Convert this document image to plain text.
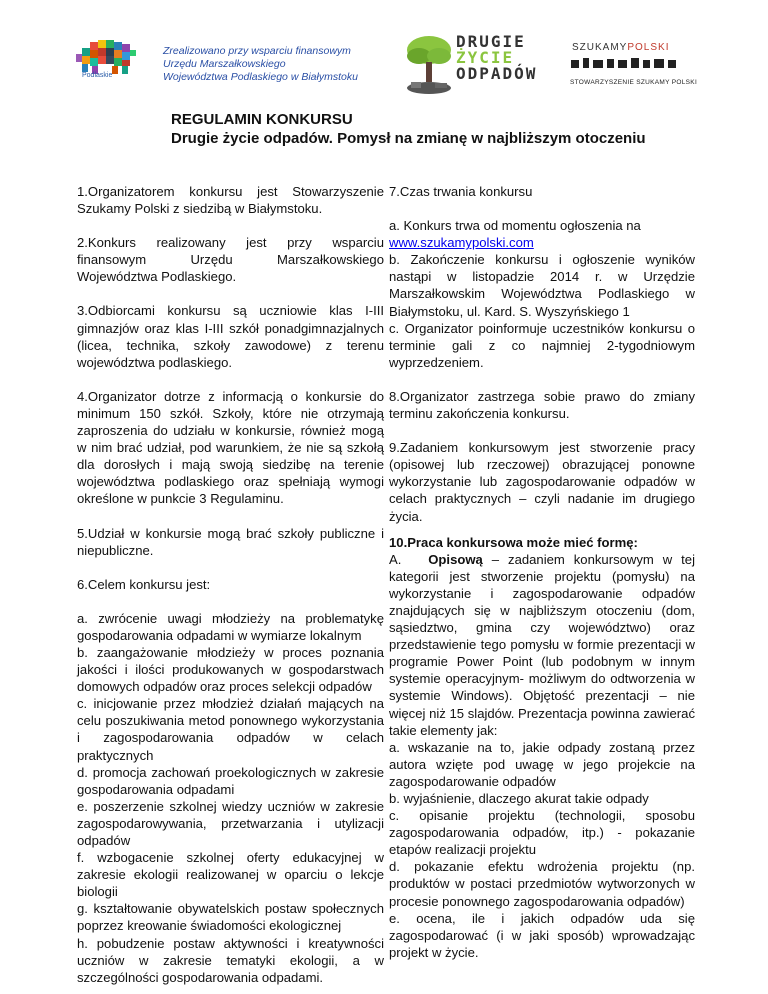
Podlaskie
Zrealizowano przy wsparciu finansowym
Urzędu Marszałkowskiego
Województwa Podlaskiego w Białymstoku
DRUGIE
ŻYCIE
ODPADÓW
SZUKAMYPOLSKI
STOWARZYSZENIE SZUKAMY POLSKI
REGULAMIN KONKURSU
Drugie życie odpadów. Pomysł na zmianę w najbliższym otoczeniu

1.Organizatorem konkursu jest Stowarzyszenie Szukamy Polski z siedzibą w Białymstoku.

2.Konkurs realizowany jest przy wsparciu finansowym Urzędu Marszałkowskiego Województwa Podlaskiego.

3.Odbiorcami konkursu są uczniowie klas I-III gimnazjów oraz klas I-III szkół ponadgimnazjalnych (licea, technika, szkoły zawodowe) z terenu województwa podlaskiego.

4.Organizator dotrze z informacją o konkursie do minimum 150 szkół. Szkoły, które nie otrzymają zaproszenia do udziału w konkursie, również mogą w nim brać udział, pod warunkiem, że nie są szkołą dla dorosłych i mają swoją siedzibę na terenie województwa podlaskiego oraz spełniają wymogi określone w punkcie 3 Regulaminu.

5.Udział w konkursie mogą brać szkoły publiczne i niepubliczne.

6.Celem konkursu jest:

a. zwrócenie uwagi młodzieży na problematykę gospodarowania odpadami w wymiarze lokalnym

b. zaangażowanie młodzieży w proces poznania jakości i ilości produkowanych w gospodarstwach domowych odpadów oraz proces selekcji odpadów

c. inicjowanie przez młodzież działań mających na celu poszukiwania metod ponownego wykorzystania i zagospodarowania odpadów w celach praktycznych

d. promocja zachowań proekologicznych w zakresie gospodarowania odpadami

e. poszerzenie szkolnej wiedzy uczniów w zakresie zagospodarowywania, przetwarzania i utylizacji odpadów

f. wzbogacenie szkolnej oferty edukacyjnej w zakresie ekologii realizowanej w oparciu o lekcje biologii

g. kształtowanie obywatelskich postaw społecznych poprzez kreowanie świadomości ekologicznej

h. pobudzenie postaw aktywności i kreatywności uczniów w zakresie tematyki ekologii, a w szczególności gospodarowania odpadami.

7.Czas trwania konkursu

a. Konkurs trwa od momentu ogłoszenia na

www.szukamypolski.com

b. Zakończenie konkursu i ogłoszenie wyników nastąpi w listopadzie 2014 r. w Urzędzie Marszałkowskim Województwa Podlaskiego w Białymstoku, ul. Kard. S. Wyszyńskiego 1

c. Organizator poinformuje uczestników konkursu o terminie gali z co najmniej 2-tygodniowym wyprzedzeniem.

8.Organizator zastrzega sobie prawo do zmiany terminu zakończenia konkursu.

9.Zadaniem konkursowym jest stworzenie pracy (opisowej lub rzeczowej) obrazującej ponowne wykorzystanie lub zagospodarowanie odpadów w celach praktycznych – czyli nadanie im drugiego życia.

10.Praca konkursowa może mieć formę:

A. Opisową – zadaniem konkursowym w tej kategorii jest stworzenie projektu (pomysłu) na wykorzystanie i zagospodarowanie odpadów znajdujących się w najbliższym otoczeniu (dom, sąsiedztwo, gmina czy województwo) oraz przedstawienie tego pomysłu w formie prezentacji w programie Power Point (lub podobnym w innym systemie operacyjnym- możliwym do odtworzenia w systemie Windows). Objętość prezentacji – nie więcej niż 15 slajdów. Prezentacja powinna zawierać takie elementy jak:

a. wskazanie na to, jakie odpady zostaną przez autora wzięte pod uwagę w jego projekcie na zagospodarowanie odpadów

b. wyjaśnienie, dlaczego akurat takie odpady

c. opisanie projektu (technologii, sposobu zagospodarowania odpadów, itp.) - pokazanie etapów realizacji projektu

d. pokazanie efektu wdrożenia projektu (np. produktów w postaci przedmiotów wytworzonych w procesie ponownego zagospodarowania odpadów)

e. ocena, ile i jakich odpadów uda się zagospodarować (i w jaki sposób) wprowadzając projekt w życie.
